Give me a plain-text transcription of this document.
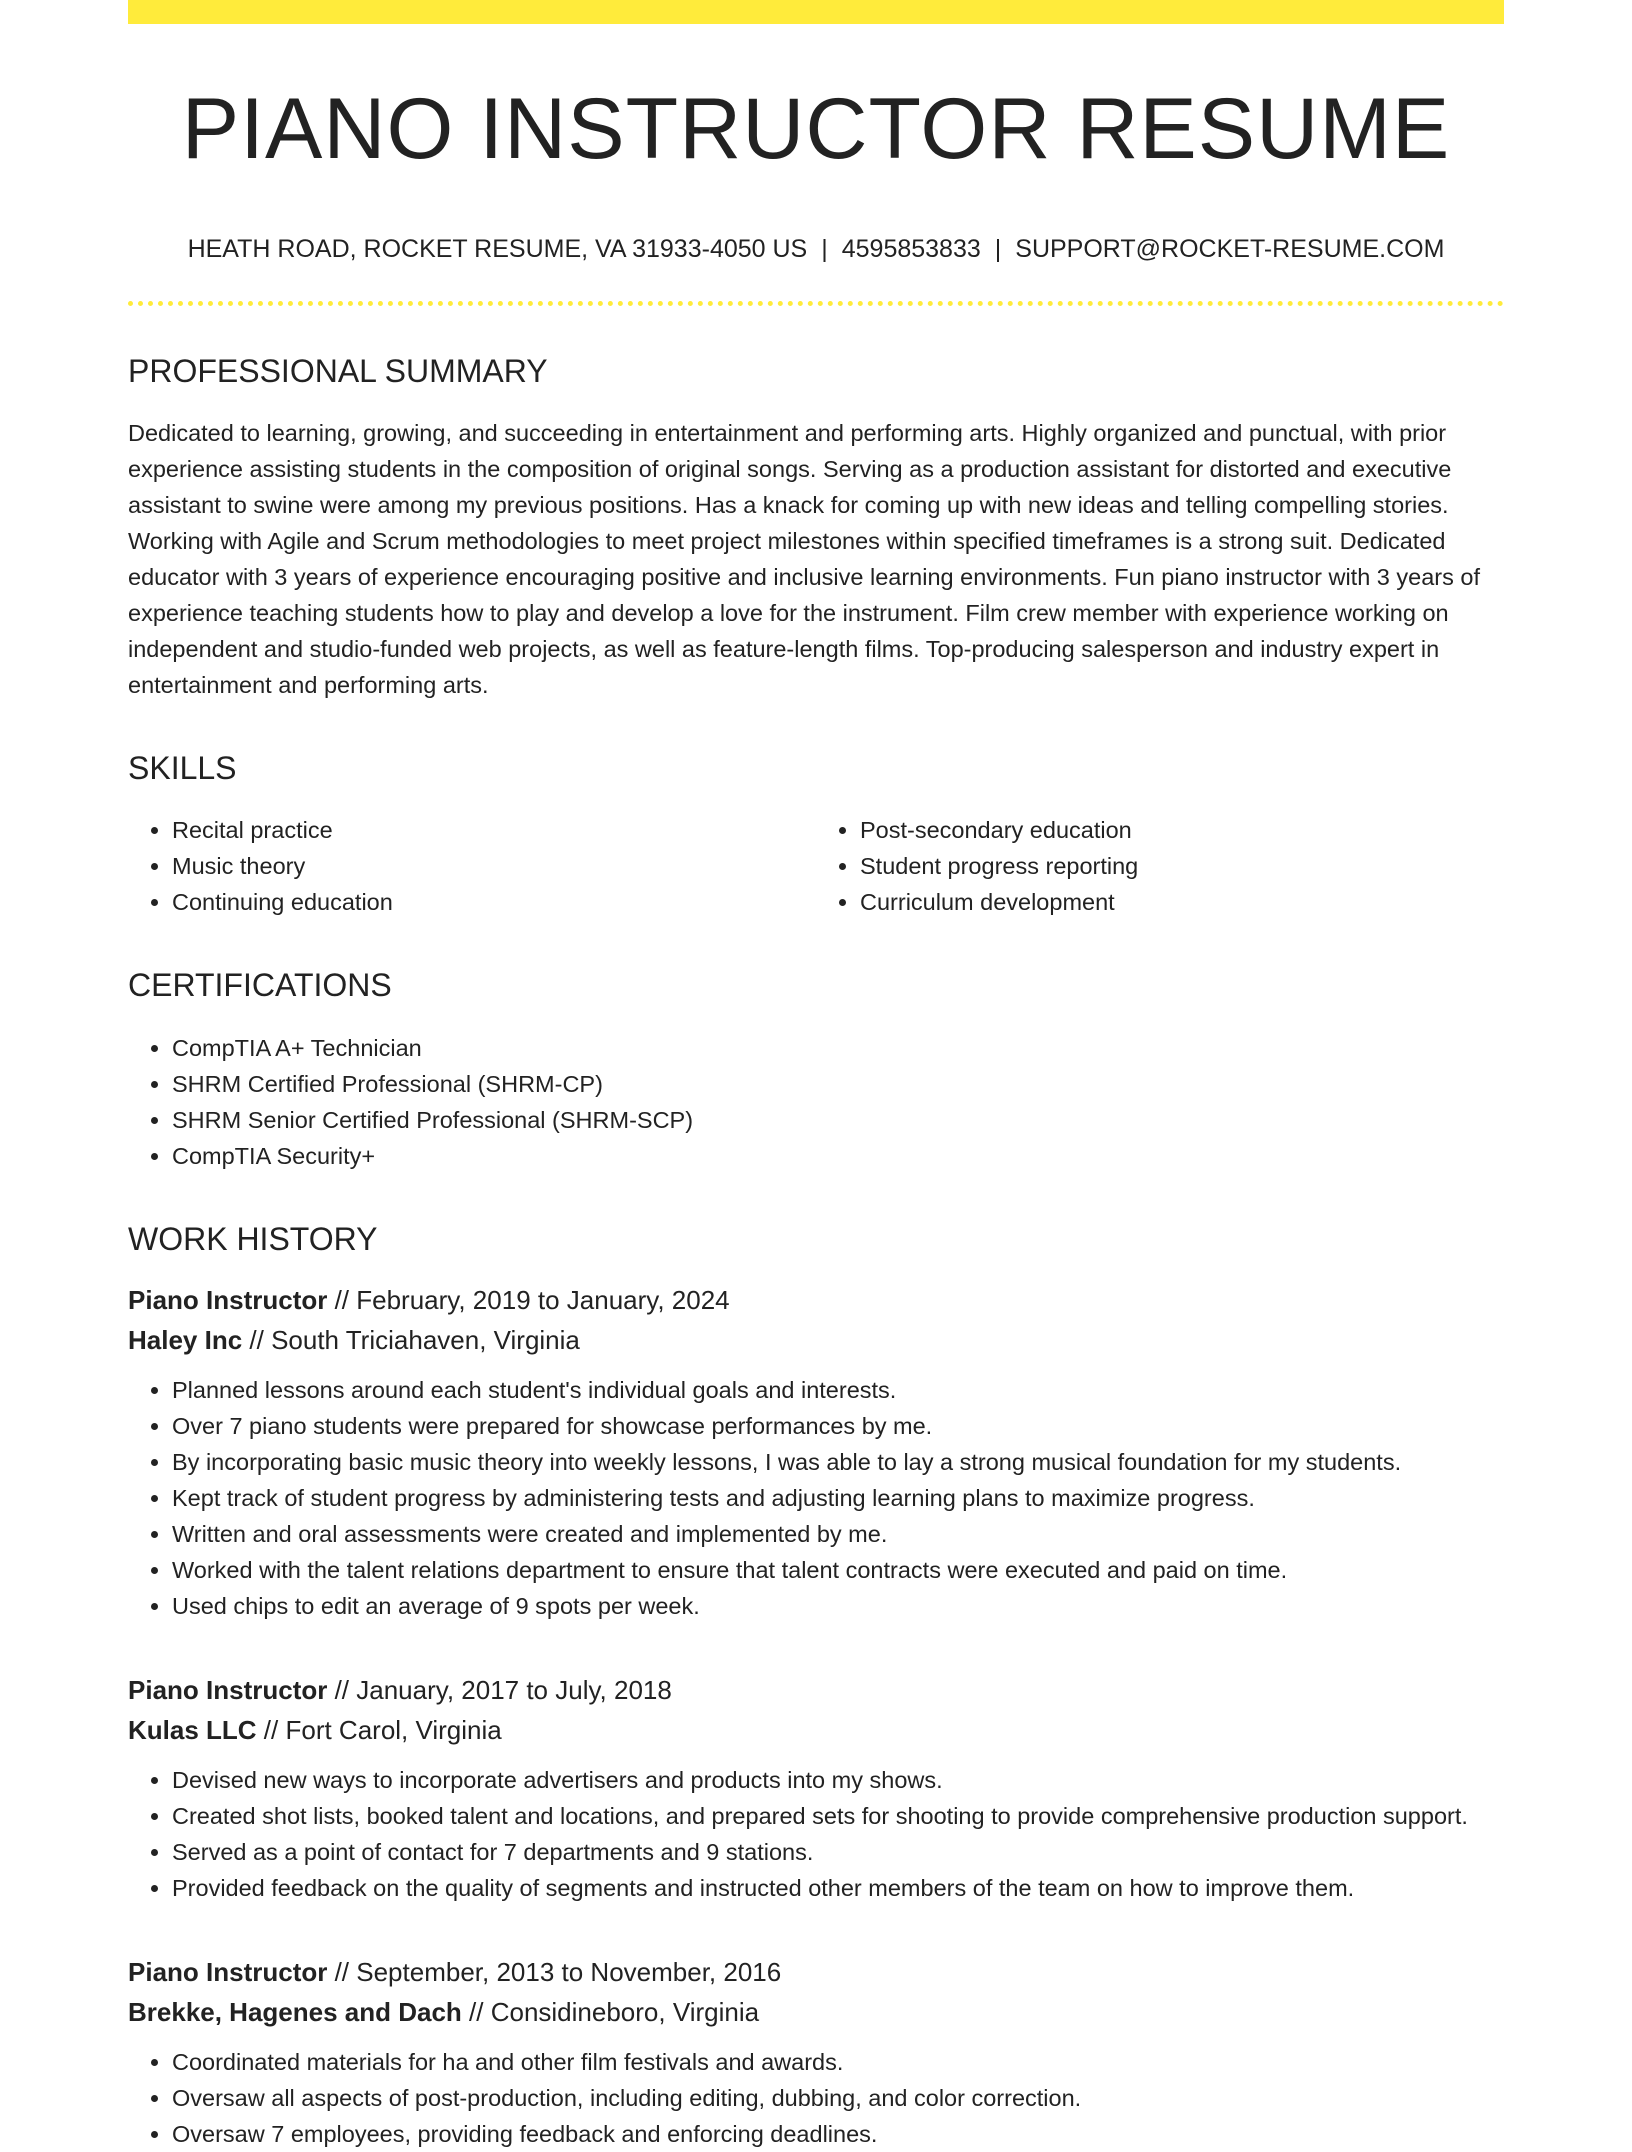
PIANO INSTRUCTOR RESUME
HEATH ROAD, ROCKET RESUME, VA 31933-4050 US | 4595853833 | SUPPORT@ROCKET-RESUME.COM
PROFESSIONAL SUMMARY
Dedicated to learning, growing, and succeeding in entertainment and performing arts. Highly organized and punctual, with prior experience assisting students in the composition of original songs. Serving as a production assistant for distorted and executive assistant to swine were among my previous positions. Has a knack for coming up with new ideas and telling compelling stories. Working with Agile and Scrum methodologies to meet project milestones within specified timeframes is a strong suit. Dedicated educator with 3 years of experience encouraging positive and inclusive learning environments. Fun piano instructor with 3 years of experience teaching students how to play and develop a love for the instrument. Film crew member with experience working on independent and studio-funded web projects, as well as feature-length films. Top-producing salesperson and industry expert in entertainment and performing arts.
SKILLS
• Recital practice
• Music theory
• Continuing education
• Post-secondary education
• Student progress reporting
• Curriculum development
CERTIFICATIONS
• CompTIA A+ Technician
• SHRM Certified Professional (SHRM-CP)
• SHRM Senior Certified Professional (SHRM-SCP)
• CompTIA Security+
WORK HISTORY
Piano Instructor // February, 2019 to January, 2024
Haley Inc // South Triciahaven, Virginia
• Planned lessons around each student's individual goals and interests.
• Over 7 piano students were prepared for showcase performances by me.
• By incorporating basic music theory into weekly lessons, I was able to lay a strong musical foundation for my students.
• Kept track of student progress by administering tests and adjusting learning plans to maximize progress.
• Written and oral assessments were created and implemented by me.
• Worked with the talent relations department to ensure that talent contracts were executed and paid on time.
• Used chips to edit an average of 9 spots per week.
Piano Instructor // January, 2017 to July, 2018
Kulas LLC // Fort Carol, Virginia
• Devised new ways to incorporate advertisers and products into my shows.
• Created shot lists, booked talent and locations, and prepared sets for shooting to provide comprehensive production support.
• Served as a point of contact for 7 departments and 9 stations.
• Provided feedback on the quality of segments and instructed other members of the team on how to improve them.
Piano Instructor // September, 2013 to November, 2016
Brekke, Hagenes and Dach // Considineboro, Virginia
• Coordinated materials for ha and other film festivals and awards.
• Oversaw all aspects of post-production, including editing, dubbing, and color correction.
• Oversaw 7 employees, providing feedback and enforcing deadlines.
